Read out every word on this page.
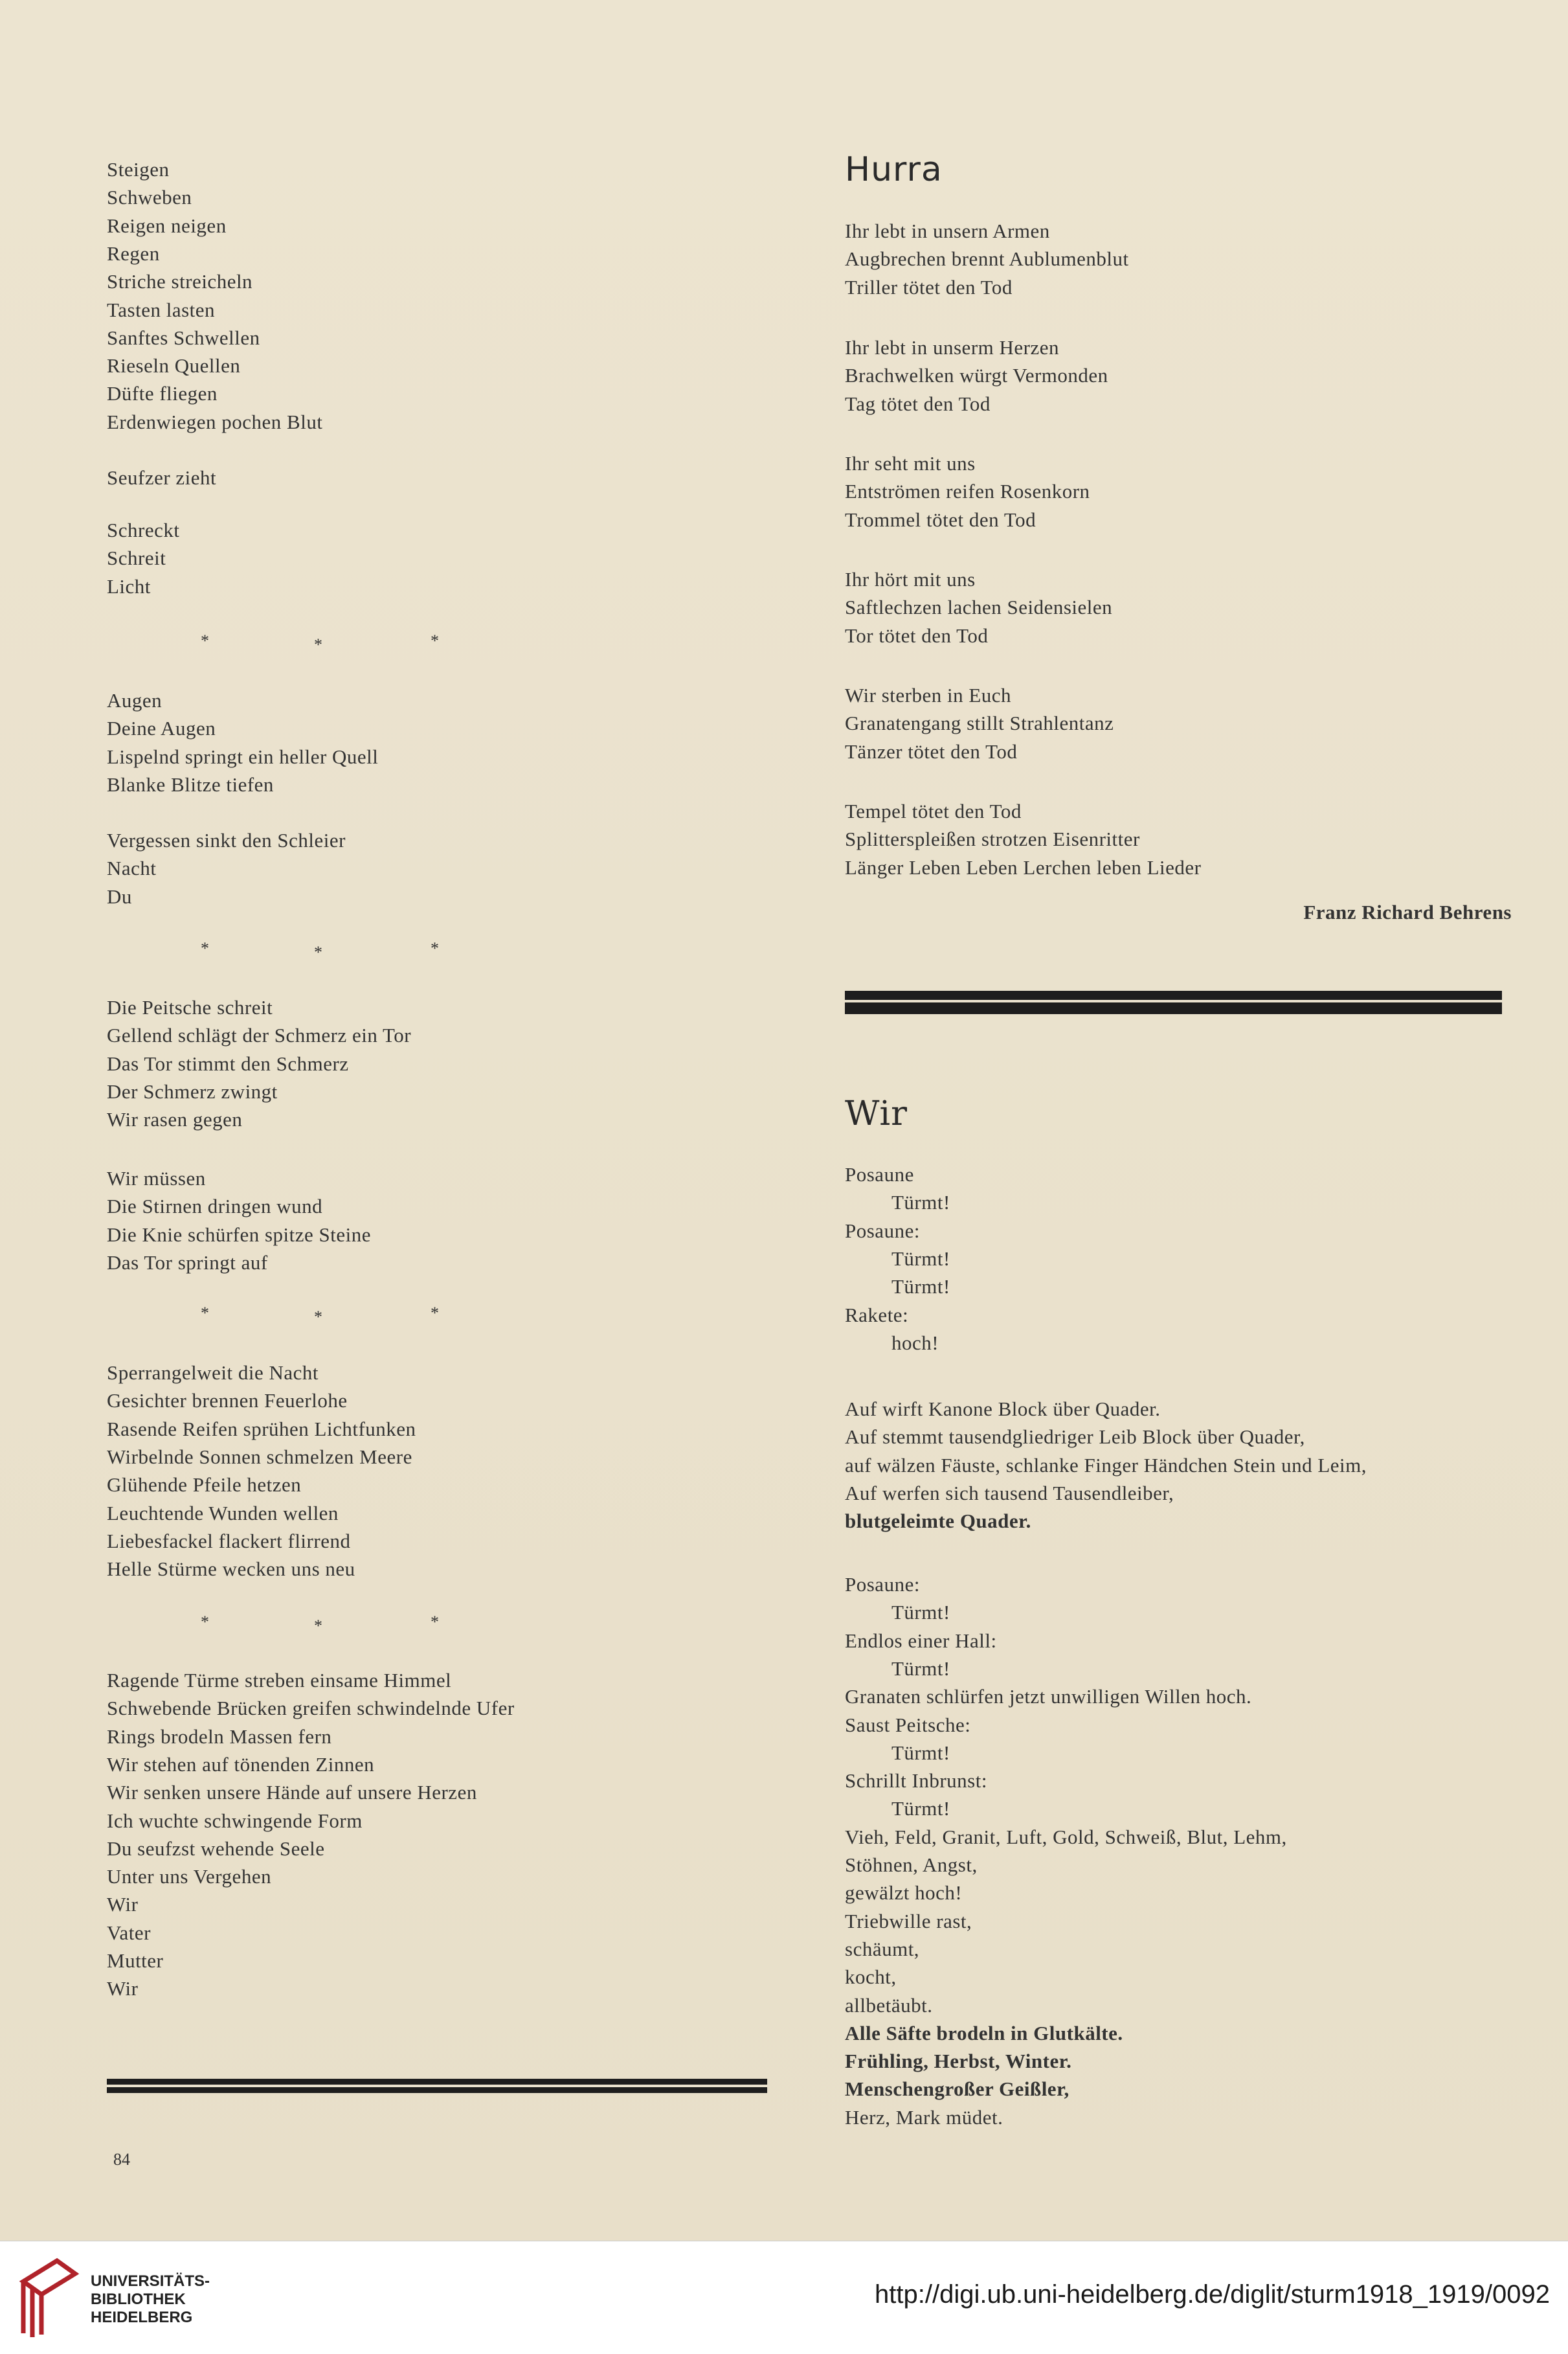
Steigen
Schweben
Reigen neigen
Regen
Striche streicheln
Tasten lasten
Sanftes Schwellen
Rieseln Quellen
Düfte fliegen
Erdenwiegen pochen Blut
Seufzer zieht
Schreckt
Schreit
Licht
*	*	*
Augen
Deine Augen
Lispelnd springt ein heller Quell
Blanke Blitze tiefen
Vergessen sinkt den Schleier
Nacht
Du
*	*	*
Die Peitsche schreit
Gellend schlägt der Schmerz ein Tor
Das Tor stimmt den Schmerz
Der Schmerz zwingt
Wir rasen gegen
Wir müssen
Die Stirnen dringen wund
Die Knie schürfen spitze Steine
Das Tor springt auf
*	*	*
Sperrangelweit die Nacht
Gesichter brennen Feuerlohe
Rasende Reifen sprühen Lichtfunken
Wirbelnde Sonnen schmelzen Meere
Glühende Pfeile hetzen
Leuchtende Wunden wellen
Liebesfackel flackert flirrend
Helle Stürme wecken uns neu
*	*	*
Ragende Türme streben einsame Himmel
Schwebende Brücken greifen schwindelnde Ufer
Rings brodeln Massen fern
Wir stehen auf tönenden Zinnen
Wir senken unsere Hände auf unsere Herzen
Ich wuchte schwingende Form
Du seufzst wehende Seele
Unter uns Vergehen
Wir
Vater
Mutter
Wir
Hurra
Ihr lebt in unsern Armen
Augbrechen brennt Aublumenblut
Triller tötet den Tod
Ihr lebt in unserm Herzen
Brachwelken würgt Vermonden
Tag tötet den Tod
Ihr seht mit uns
Entströmen reifen Rosenkorn
Trommel tötet den Tod
Ihr hört mit uns
Saftlechzen lachen Seidensielen
Tor tötet den Tod
Wir sterben in Euch
Granatengang stillt Strahlentanz
Tänzer tötet den Tod
Tempel tötet den Tod
Splitterspleißen strotzen Eisenritter
Länger Leben Leben Lerchen leben Lieder
Franz Richard Behrens
Wir
Posaune
Türmt!
Posaune:
Türmt!
Türmt!
Rakete:
hoch!
Auf wirft Kanone Block über Quader.
Auf stemmt tausendgliedriger Leib Block über Quader,
auf wälzen Fäuste, schlanke Finger Händchen Stein und Leim,
Auf werfen sich tausend Tausendleiber,
blutgeleimte Quader.
Posaune:
Türmt!
Endlos einer Hall:
Türmt!
Granaten schlürfen jetzt unwilligen Willen hoch.
Saust Peitsche:
Türmt!
Schrillt Inbrunst:
Türmt!
Vieh, Feld, Granit, Luft, Gold, Schweiß, Blut, Lehm,
Stöhnen, Angst,
gewälzt hoch!
Triebwille rast,
schäumt,
kocht,
allbetäubt.
Alle Säfte brodeln in Glutkälte.
Frühling, Herbst, Winter.
Menschengroßer Geißler,
Herz, Mark müdet.
84
UNIVERSITÄTS-
BIBLIOTHEK
HEIDELBERG
http://digi.ub.uni-heidelberg.de/diglit/sturm1918_1919/0092
